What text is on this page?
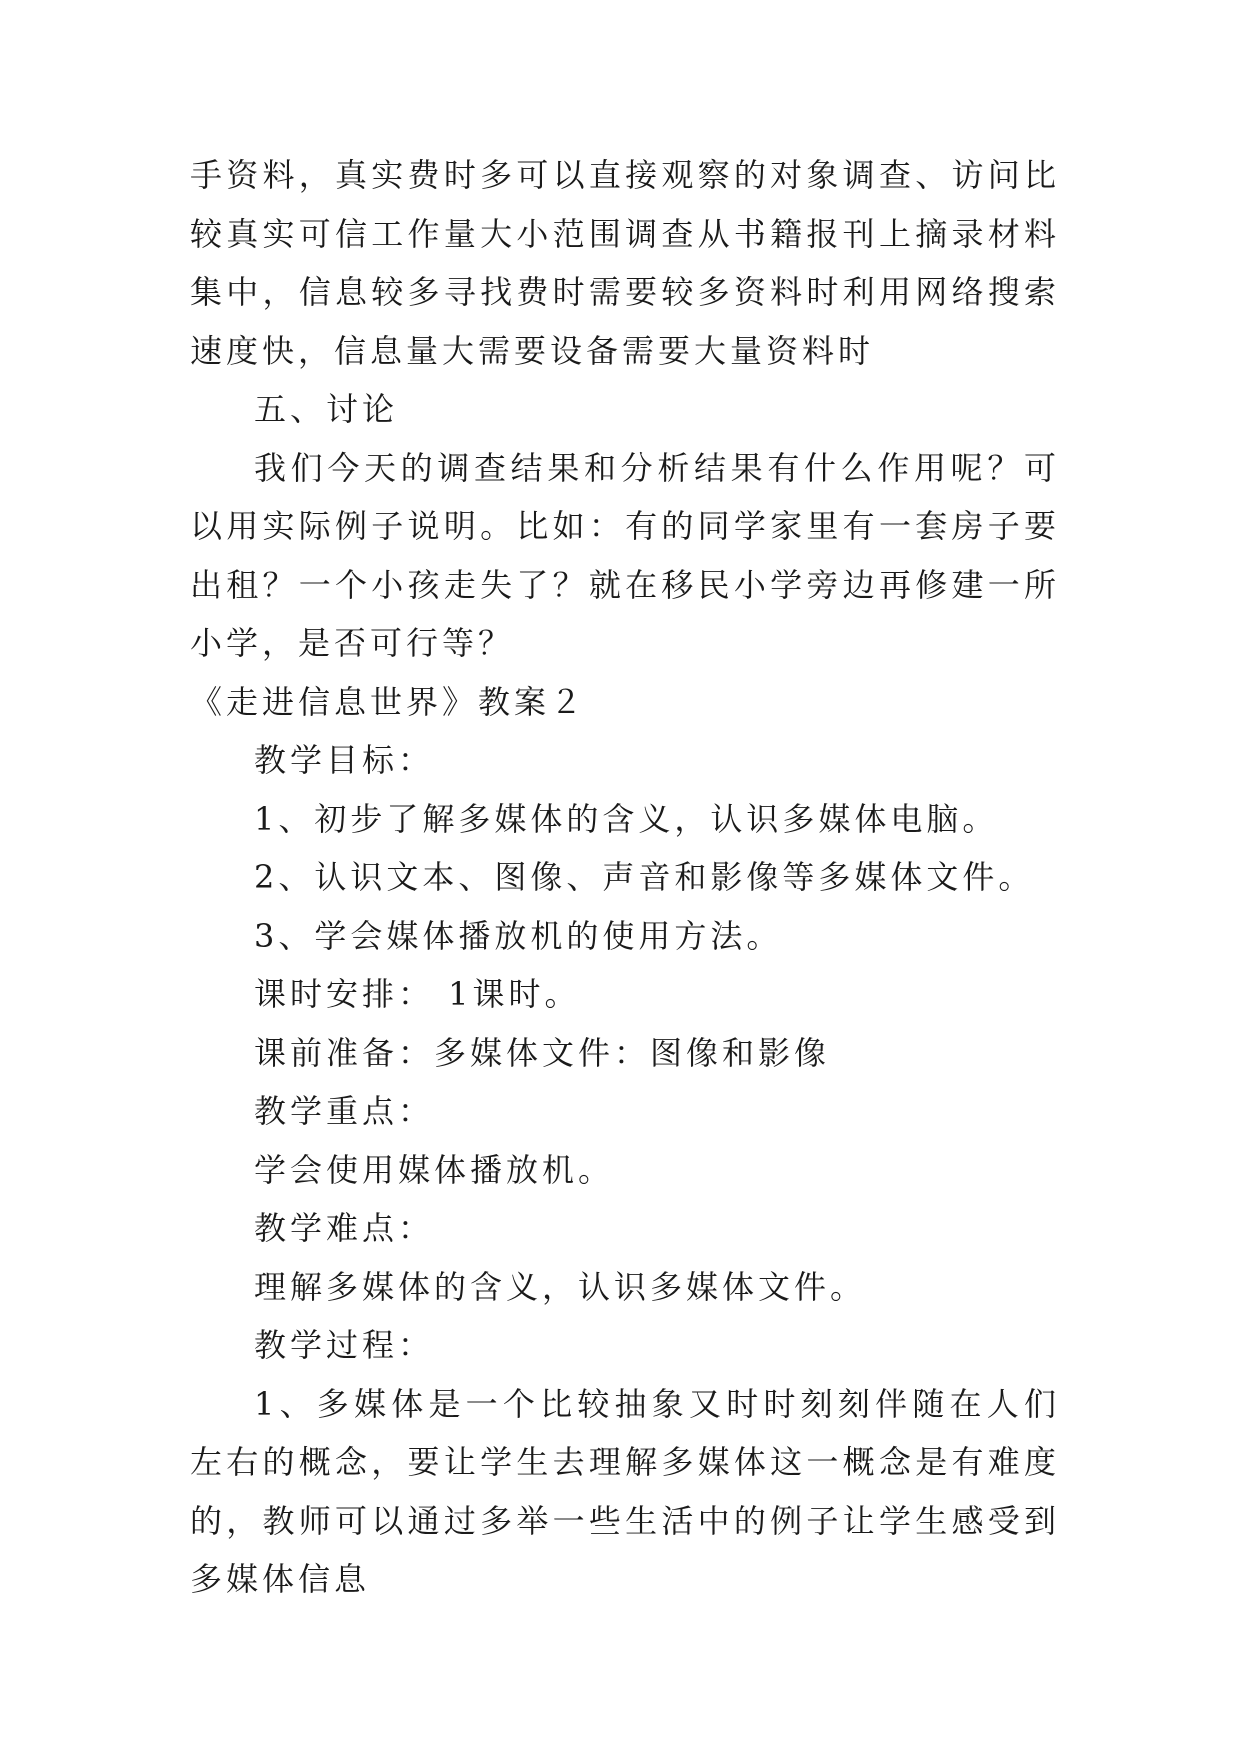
手资料，真实费时多可以直接观察的对象调查、访问比较真实可信工作量大小范围调查从书籍报刊上摘录材料集中，信息较多寻找费时需要较多资料时利用网络搜索速度快，信息量大需要设备需要大量资料时

五、讨论

我们今天的调查结果和分析结果有什么作用呢？可以用实际例子说明。比如：有的同学家里有一套房子要出租？一个小孩走失了？就在移民小学旁边再修建一所小学，是否可行等？

《走进信息世界》教案２

教学目标：

1、初步了解多媒体的含义，认识多媒体电脑。

2、认识文本、图像、声音和影像等多媒体文件。

3、学会媒体播放机的使用方法。

课时安排： 1课时。

课前准备：多媒体文件：图像和影像

教学重点：

学会使用媒体播放机。

教学难点：

理解多媒体的含义，认识多媒体文件。

教学过程：

1、多媒体是一个比较抽象又时时刻刻伴随在人们左右的概念，要让学生去理解多媒体这一概念是有难度的，教师可以通过多举一些生活中的例子让学生感受到多媒体信息
